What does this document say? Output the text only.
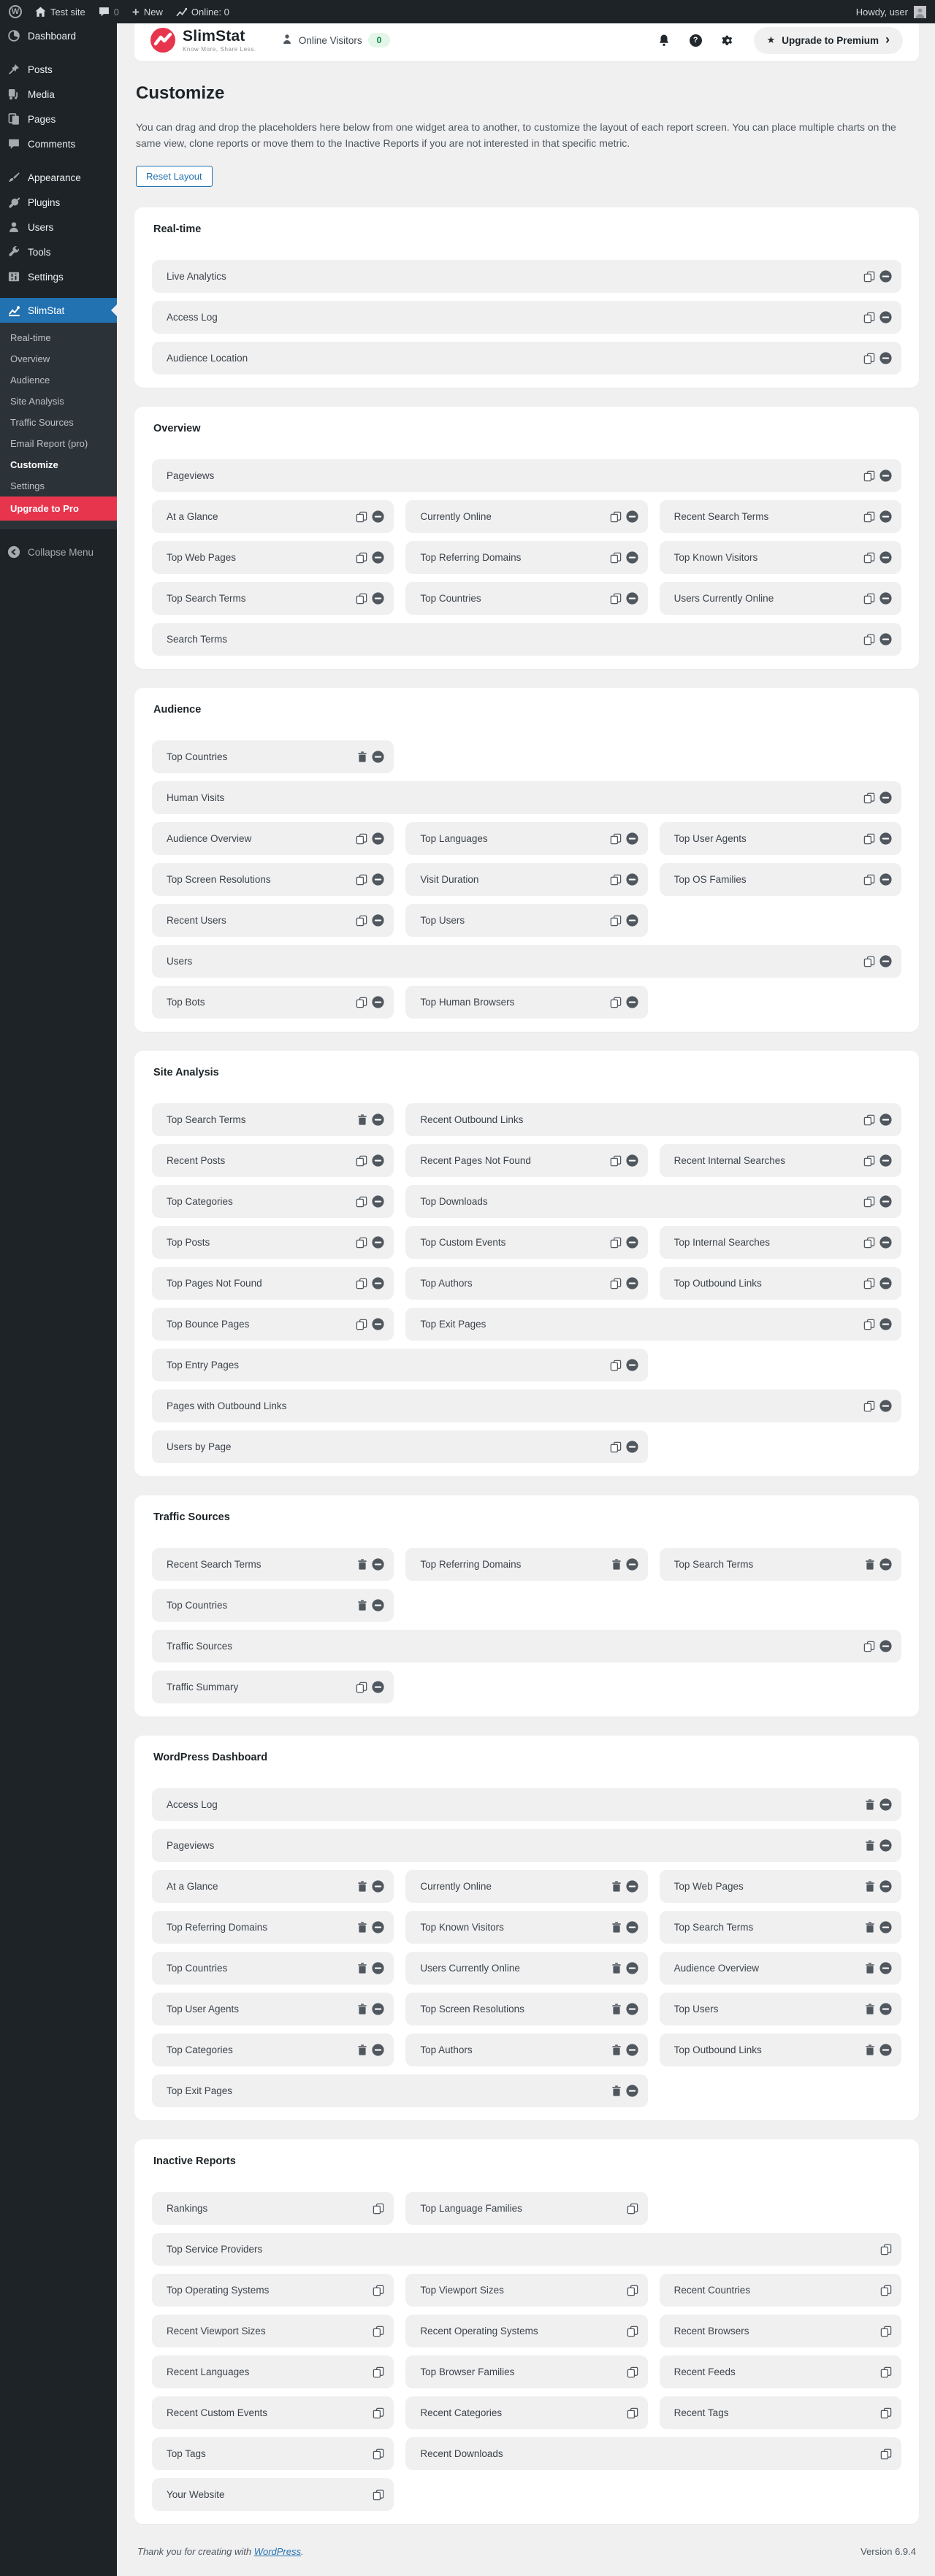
W	Test site	0 + New	Online: 0	Howdy, user
Dashboard
Posts
Media
Pages
Comments
Appearance
Plugins
Users
Tools
Settings
SlimStat
Real-time
Overview
Audience
Site Analysis
Traffic Sources
Email Report (pro)
Customize
Settings
Upgrade to Pro
Collapse Menu
SlimStat
Know More, Share Less.
Online Visitors	0	?	★ Upgrade to Premium ›
Customize

You can drag and drop the placeholders here below from one widget area to another, to customize the layout of each report screen. You can place multiple charts on the same view, clone reports or move them to the Inactive Reports if you are not interested in that specific metric.

Reset Layout
Real-time
Live Analytics
Access Log
Audience Location
Overview
Pageviews
At a Glance	Currently Online	Recent Search Terms
Top Web Pages	Top Referring Domains	Top Known Visitors
Top Search Terms	Top Countries	Users Currently Online
Search Terms
Audience
Top Countries
Human Visits
Audience Overview	Top Languages	Top User Agents
Top Screen Resolutions	Visit Duration	Top OS Families
Recent Users	Top Users
Users
Top Bots	Top Human Browsers
Site Analysis
Top Search Terms	Recent Outbound Links
Recent Posts	Recent Pages Not Found	Recent Internal Searches
Top Categories	Top Downloads
Top Posts	Top Custom Events	Top Internal Searches
Top Pages Not Found	Top Authors	Top Outbound Links
Top Bounce Pages	Top Exit Pages
Top Entry Pages
Pages with Outbound Links
Users by Page
Traffic Sources
Recent Search Terms	Top Referring Domains	Top Search Terms
Top Countries
Traffic Sources
Traffic Summary
WordPress Dashboard
Access Log
Pageviews
At a Glance	Currently Online	Top Web Pages
Top Referring Domains	Top Known Visitors	Top Search Terms
Top Countries	Users Currently Online	Audience Overview
Top User Agents	Top Screen Resolutions	Top Users
Top Categories	Top Authors	Top Outbound Links
Top Exit Pages
Inactive Reports
Rankings	Top Language Families
Top Service Providers
Top Operating Systems	Top Viewport Sizes	Recent Countries
Recent Viewport Sizes	Recent Operating Systems	Recent Browsers
Recent Languages	Top Browser Families	Recent Feeds
Recent Custom Events	Recent Categories	Recent Tags
Top Tags	Recent Downloads
Your Website
Thank you for creating with WordPress.	Version 6.9.4
